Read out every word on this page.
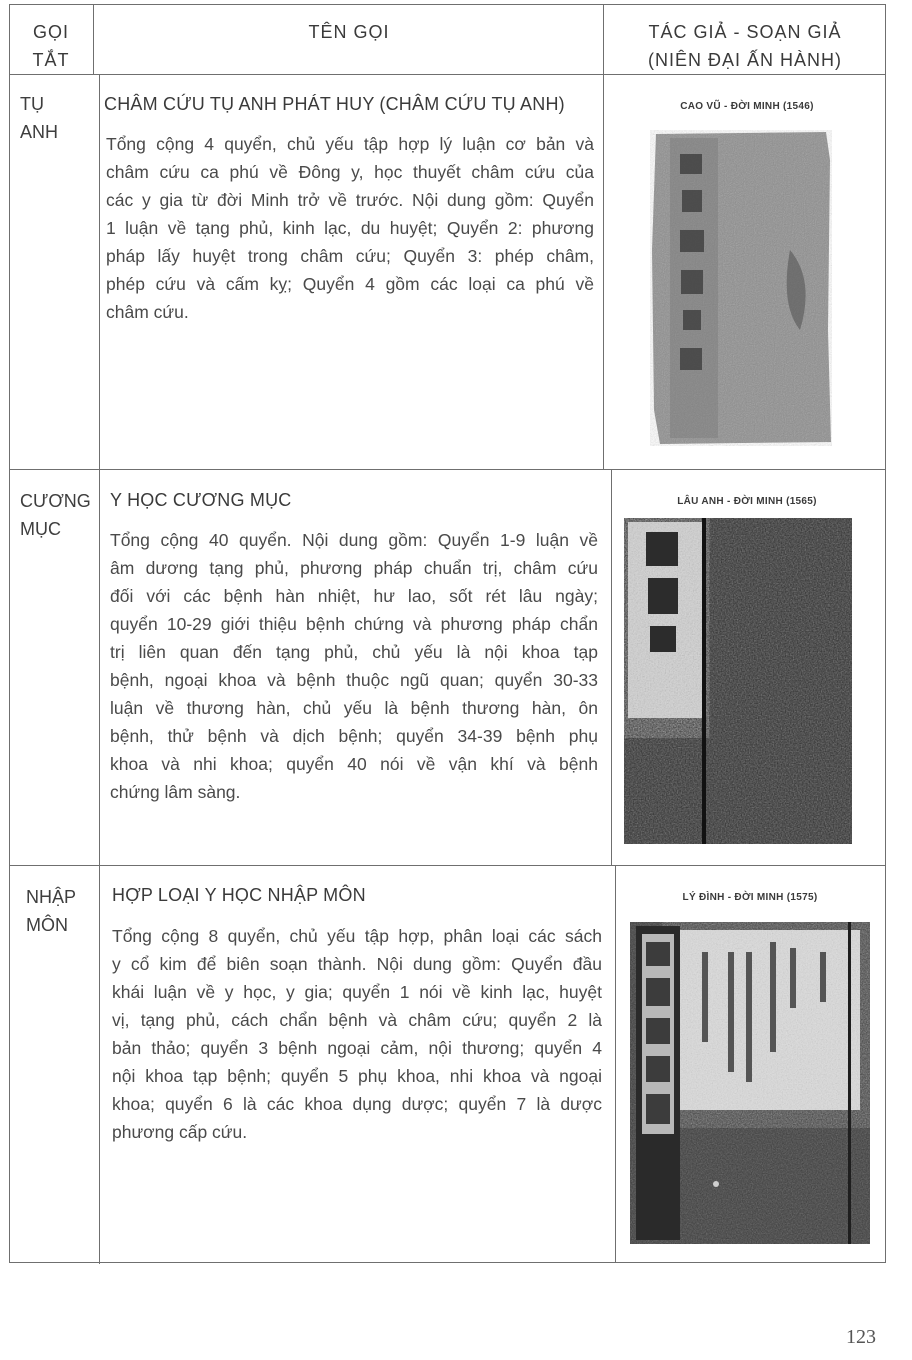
GỌI
TẮT
TÊN GỌI	TÁC GIẢ - SOẠN GIẢ
(NIÊN ĐẠI ẤN HÀNH)
TỤ
ANH
CHÂM CỨU TỤ ANH PHÁT HUY (CHÂM CỨU TỤ ANH)
Tổng cộng 4 quyển, chủ yếu tập hợp lý luận cơ bản và
châm cứu ca phú về Đông y, học thuyết châm cứu của
các y gia từ đời Minh trở về trước. Nội dung gồm: Quyển
1 luận về tạng phủ, kinh lạc, du huyệt; Quyển 2: phương
pháp lấy huyệt trong châm cứu; Quyển 3: phép châm,
phép cứu và cấm kỵ; Quyển 4 gồm các loại ca phú về
châm cứu.
CAO VŨ - ĐỜI MINH (1546)
CƯƠNG
MỤC
Y HỌC CƯƠNG MỤC
Tổng cộng 40 quyển. Nội dung gồm: Quyển 1-9 luận về
âm dương tạng phủ, phương pháp chuẩn trị, châm cứu
đối với các bệnh hàn nhiệt, hư lao, sốt rét lâu ngày;
quyển 10-29 giới thiệu bệnh chứng và phương pháp chẩn
trị liên quan đến tạng phủ, chủ yếu là nội khoa tạp
bệnh, ngoại khoa và bệnh thuộc ngũ quan; quyển 30-33
luận về thương hàn, chủ yếu là bệnh thương hàn, ôn
bệnh, thử bệnh và dịch bệnh; quyển 34-39 bệnh phụ
khoa và nhi khoa; quyển 40 nói về vận khí và bệnh
chứng lâm sàng.
LÂU ANH - ĐỜI MINH (1565)
NHẬP
MÔN
HỢP LOẠI Y HỌC NHẬP MÔN
Tổng cộng 8 quyển, chủ yếu tập hợp, phân loại các sách
y cổ kim để biên soạn thành. Nội dung gồm: Quyển đầu
khái luận về y học, y gia; quyển 1 nói về kinh lạc, huyệt
vị, tạng phủ, cách chẩn bệnh và châm cứu; quyển 2 là
bản thảo; quyển 3 bệnh ngoại cảm, nội thương; quyển 4
nội khoa tạp bệnh; quyển 5 phụ khoa, nhi khoa và ngoại
khoa; quyển 6 là các khoa dụng dược; quyển 7 là dược
phương cấp cứu.
LÝ ĐÌNH - ĐỜI MINH (1575)
123
